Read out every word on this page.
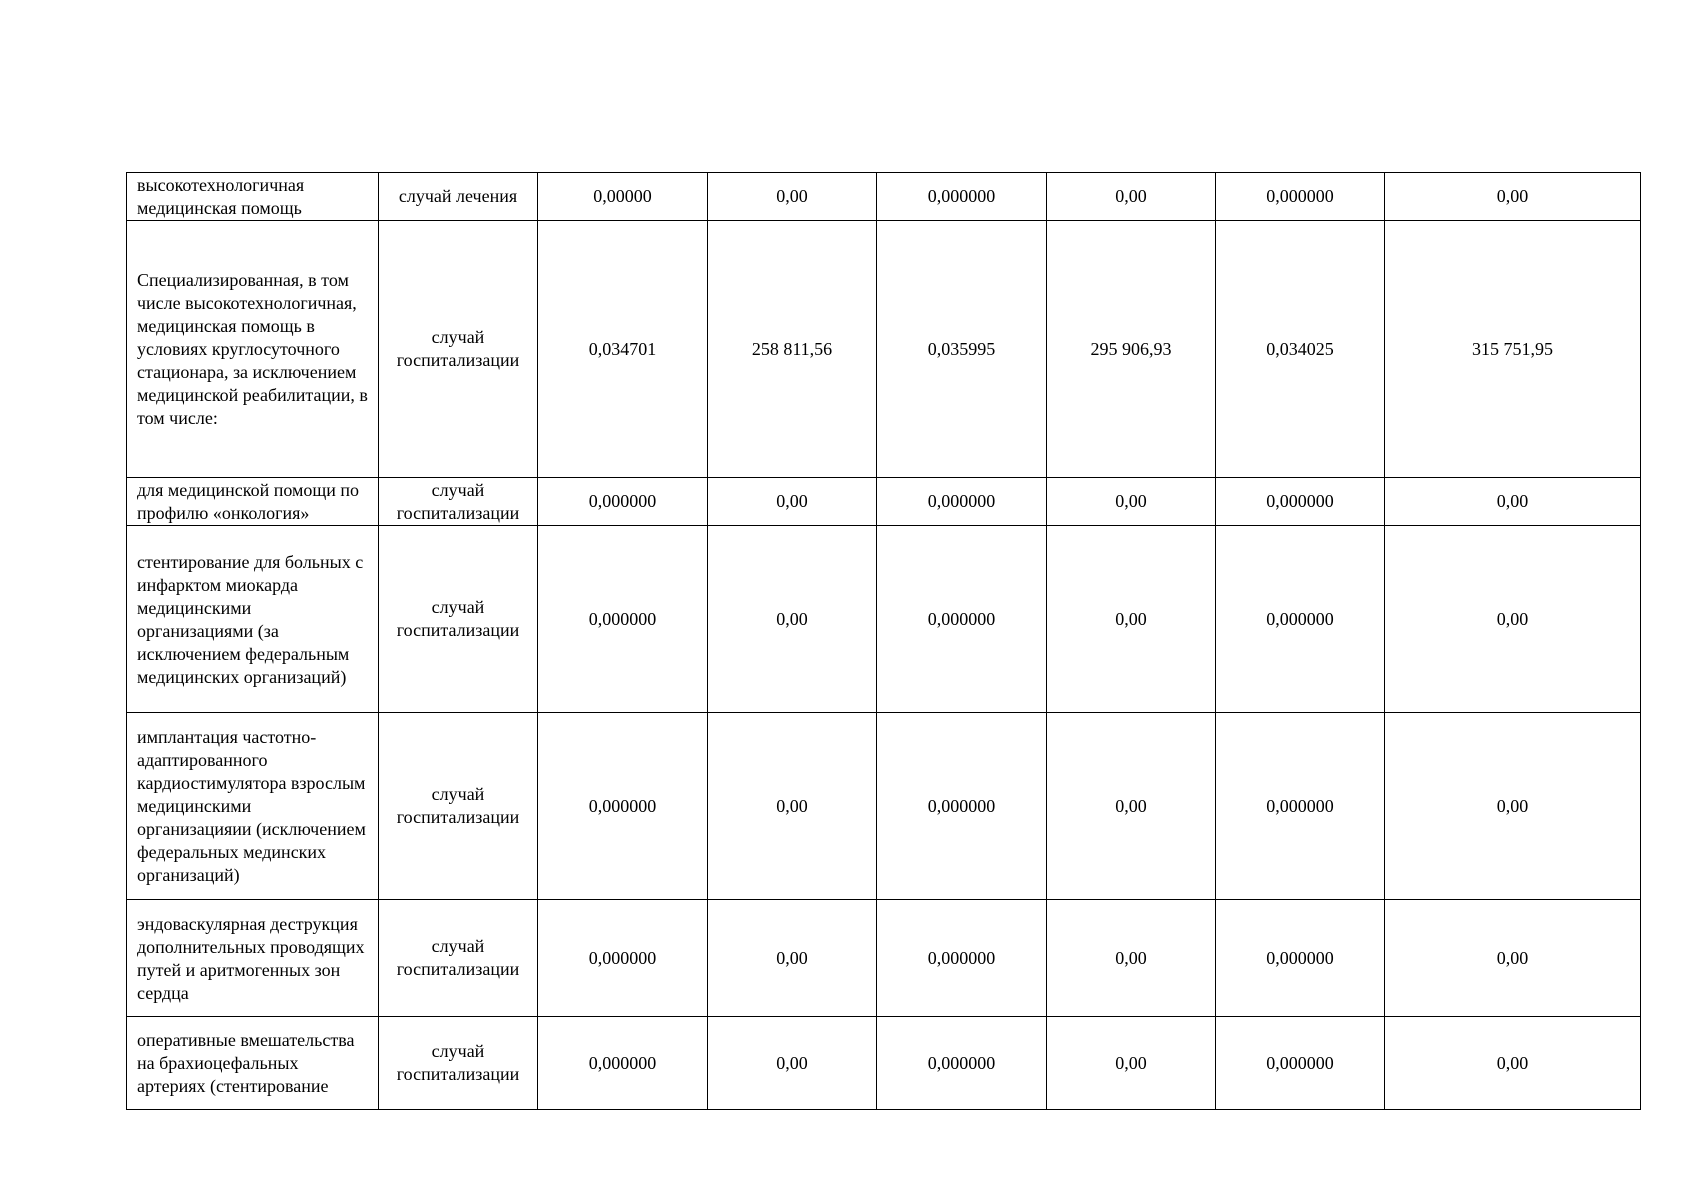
высокотехнологичная медицинская помощь	случай лечения	0,00000	0,00	0,000000	0,00	0,000000	0,00
Специализированная, в том числе высокотехнологичная, медицинская помощь в условиях круглосуточного стационара, за исключением медицинской реабилитации, в том числе:	случай госпитализации	0,034701	258 811,56	0,035995	295 906,93	0,034025	315 751,95
для медицинской помощи по профилю «онкология»	случай госпитализации	0,000000	0,00	0,000000	0,00	0,000000	0,00
стентирование для больных с инфарктом миокарда медицинскими организациями (за исключением федеральным медицинских организаций)	случай госпитализации	0,000000	0,00	0,000000	0,00	0,000000	0,00
имплантация частотно-адаптированного кардиостимулятора взрослым медицинскими организацияии (исключением федеральных мединских организаций)	случай госпитализации	0,000000	0,00	0,000000	0,00	0,000000	0,00
эндоваскулярная деструкция дополнительных проводящих путей и аритмогенных зон сердца	случай госпитализации	0,000000	0,00	0,000000	0,00	0,000000	0,00
оперативные вмешательства на брахиоцефальных артериях (стентирование	случай госпитализации	0,000000	0,00	0,000000	0,00	0,000000	0,00
